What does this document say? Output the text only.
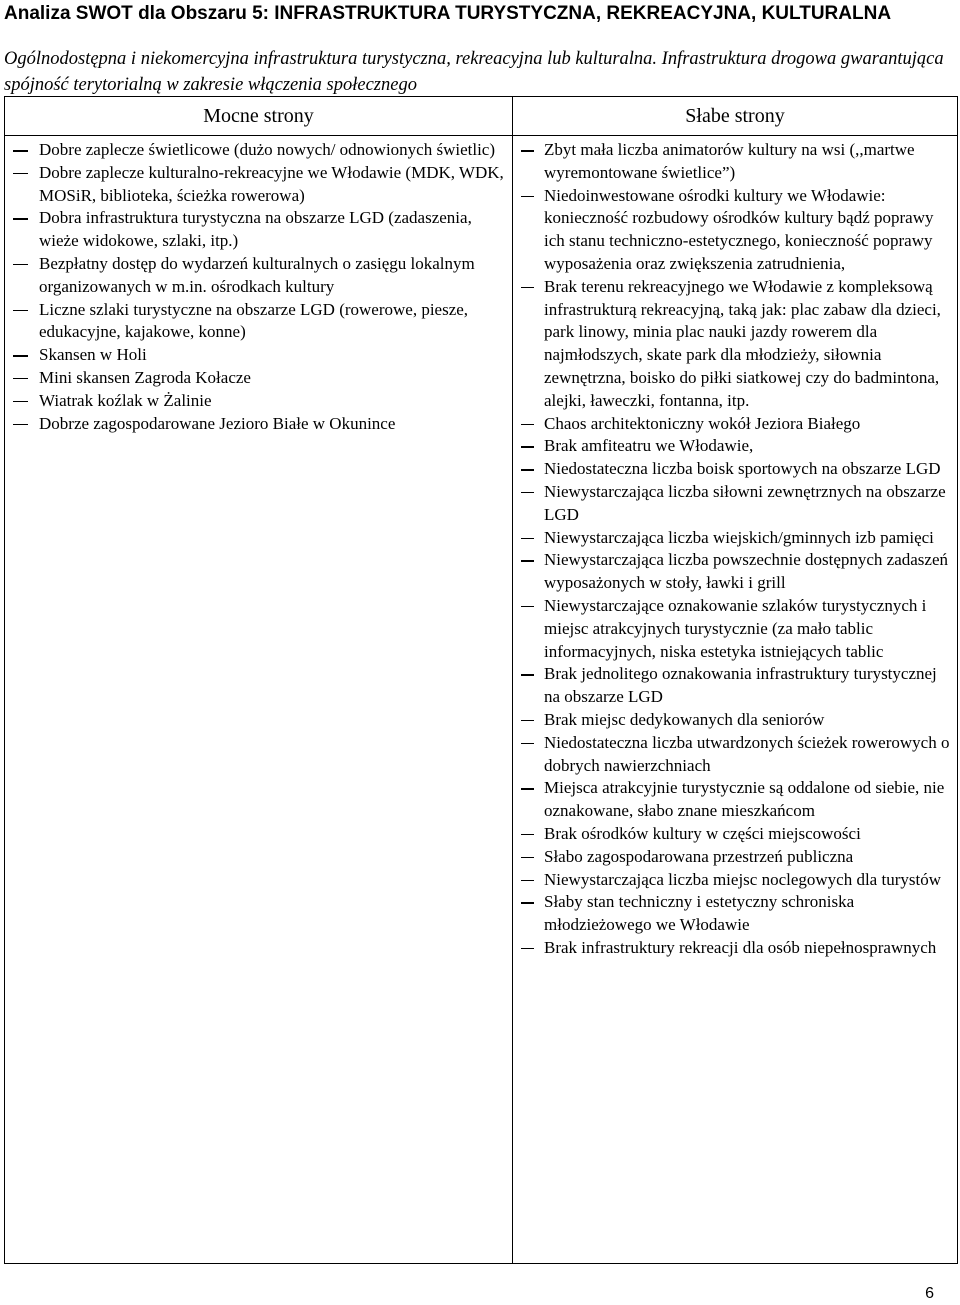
Analiza SWOT dla Obszaru 5: INFRASTRUKTURA TURYSTYCZNA, REKREACYJNA, KULTURALNA

Ogólnodostępna i niekomercyjna infrastruktura turystyczna, rekreacyjna lub kulturalna. Infrastruktura drogowa gwarantująca spójność terytorialną w zakresie włączenia społecznego

Mocne strony
Dobre zaplecze świetlicowe (dużo nowych/ odnowionych świetlic)
Dobre zaplecze kulturalno-rekreacyjne we Włodawie (MDK, WDK, MOSiR, biblioteka, ścieżka rowerowa)
Dobra infrastruktura turystyczna na obszarze LGD (zadaszenia, wieże widokowe, szlaki, itp.)
Bezpłatny dostęp do wydarzeń kulturalnych o zasięgu lokalnym organizowanych w m.in. ośrodkach kultury
Liczne szlaki turystyczne na obszarze LGD (rowerowe, piesze, edukacyjne, kajakowe, konne)
Skansen w Holi
Mini skansen Zagroda Kołacze
Wiatrak koźlak w Żalinie
Dobrze zagospodarowane Jezioro Białe w Okunince
Słabe strony
Zbyt mała liczba animatorów kultury na wsi (,,martwe wyremontowane świetlice”)
Niedoinwestowane ośrodki kultury we Włodawie: konieczność rozbudowy ośrodków kultury bądź poprawy ich stanu techniczno-estetycznego, konieczność poprawy wyposażenia oraz zwiększenia zatrudnienia,
Brak terenu rekreacyjnego we Włodawie z kompleksową infrastrukturą rekreacyjną, taką jak: plac zabaw dla dzieci, park linowy, minia plac nauki jazdy rowerem dla najmłodszych, skate park dla młodzieży, siłownia zewnętrzna, boisko do piłki siatkowej czy do badmintona, alejki, ławeczki, fontanna, itp.
Chaos architektoniczny wokół Jeziora Białego
Brak amfiteatru we Włodawie,
Niedostateczna liczba boisk sportowych na obszarze LGD
Niewystarczająca liczba siłowni zewnętrznych na obszarze LGD
Niewystarczająca liczba wiejskich/gminnych izb pamięci
Niewystarczająca liczba powszechnie dostępnych zadaszeń wyposażonych w stoły, ławki i grill
Niewystarczające oznakowanie szlaków turystycznych i miejsc atrakcyjnych turystycznie (za mało tablic informacyjnych, niska estetyka istniejących tablic
Brak jednolitego oznakowania infrastruktury turystycznej na obszarze LGD
Brak miejsc dedykowanych dla seniorów
Niedostateczna liczba utwardzonych ścieżek rowerowych o dobrych nawierzchniach
Miejsca atrakcyjnie turystycznie są oddalone od siebie, nie oznakowane, słabo znane mieszkańcom
Brak ośrodków kultury w części miejscowości
Słabo zagospodarowana przestrzeń publiczna
Niewystarczająca liczba miejsc noclegowych dla turystów
Słaby stan techniczny i estetyczny schroniska młodzieżowego we Włodawie
Brak infrastruktury rekreacji dla osób niepełnosprawnych
6
